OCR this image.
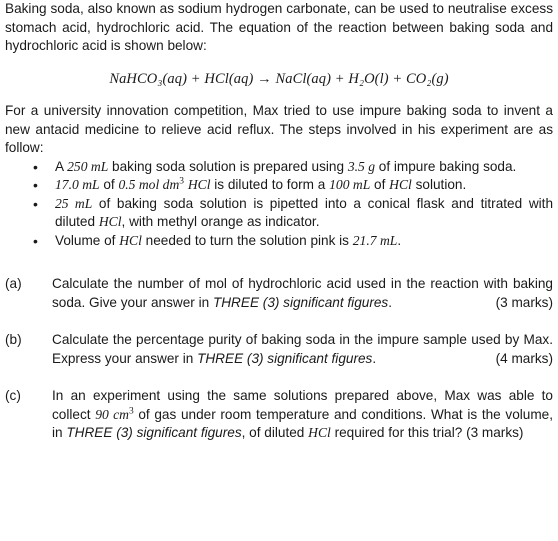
Baking soda, also known as sodium hydrogen carbonate, can be used to neutralise excess stomach acid, hydrochloric acid. The equation of the reaction between baking soda and hydrochloric acid is shown below:

NaHCO₃(aq) + HCl(aq) → NaCl(aq) + H₂O(l) + CO₂(g)

For a university innovation competition, Max tried to use impure baking soda to invent a new antacid medicine to relieve acid reflux. The steps involved in his experiment are as follow:

• A 250 mL baking soda solution is prepared using 3.5 g of impure baking soda.
• 17.0 mL of 0.5 mol $dm^3$ HCl is diluted to form a 100 mL of HCl solution.
• 25 mL of baking soda solution is pipetted into a conical flask and titrated with diluted HCl, with methyl orange as indicator.
• Volume of HCl needed to turn the solution pink is 21.7 mL.
(a) Calculate the number of mol of hydrochloric acid used in the reaction with baking soda. Give your answer in THREE (3) significant figures.	(3 marks)
(b) Calculate the percentage purity of baking soda in the impure sample used by Max. Express your answer in THREE (3) significant figures.	(4 marks)
(c) In an experiment using the same solutions prepared above, Max was able to collect 90 $cm^3$ of gas under room temperature and conditions. What is the volume, in THREE (3) significant figures, of diluted HCl required for this trial? (3 marks)
